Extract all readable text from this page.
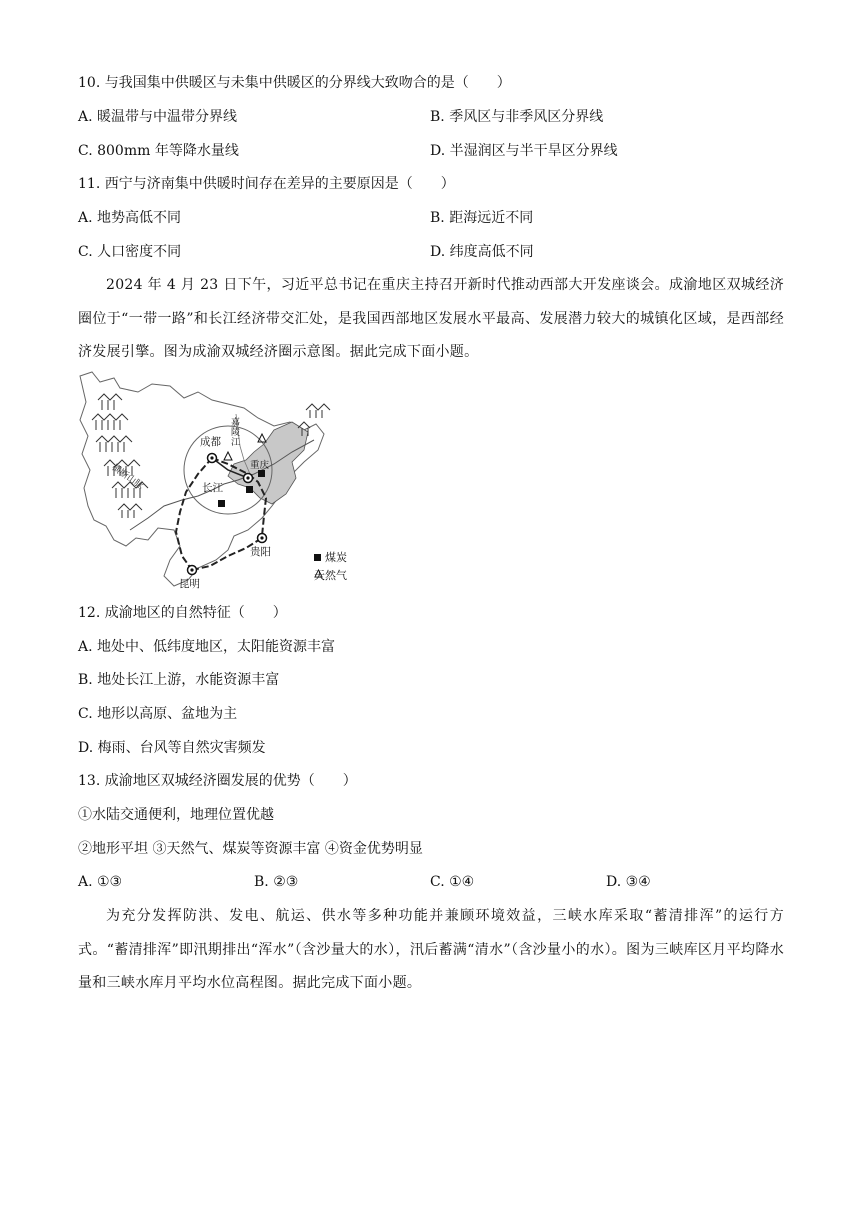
10. 与我国集中供暖区与未集中供暖区的分界线大致吻合的是（　　）
A. 暖温带与中温带分界线	B. 季风区与非季风区分界线
C. 800mm 年等降水量线	D. 半湿润区与半干旱区分界线
11. 西宁与济南集中供暖时间存在差异的主要原因是（　　）
A. 地势高低不同	B. 距海远近不同
C. 人口密度不同	D. 纬度高低不同
2024 年 4 月 23 日下午，习近平总书记在重庆主持召开新时代推动西部大开发座谈会。成渝地区双城经济圈位于“一带一路”和长江经济带交汇处，是我国西部地区发展水平最高、发展潜力较大的城镇化区域，是西部经济发展引擎。图为成渝双城经济圈示意图。据此完成下面小题。
成都
重庆
长江
贵阳
昆明
嘉陵江
横断山脉
煤炭
天然气
12. 成渝地区的自然特征（　　）
A. 地处中、低纬度地区，太阳能资源丰富
B. 地处长江上游，水能资源丰富
C. 地形以高原、盆地为主
D. 梅雨、台风等自然灾害频发
13. 成渝地区双城经济圈发展的优势（　　）
①水陆交通便利，地理位置优越
②地形平坦 ③天然气、煤炭等资源丰富 ④资金优势明显
A. ①③	B. ②③	C. ①④	D. ③④
为充分发挥防洪、发电、航运、供水等多种功能并兼顾环境效益，三峡水库采取“蓄清排浑”的运行方式。“蓄清排浑”即汛期排出“浑水”（含沙量大的水），汛后蓄满“清水”（含沙量小的水）。图为三峡库区月平均降水量和三峡水库月平均水位高程图。据此完成下面小题。
